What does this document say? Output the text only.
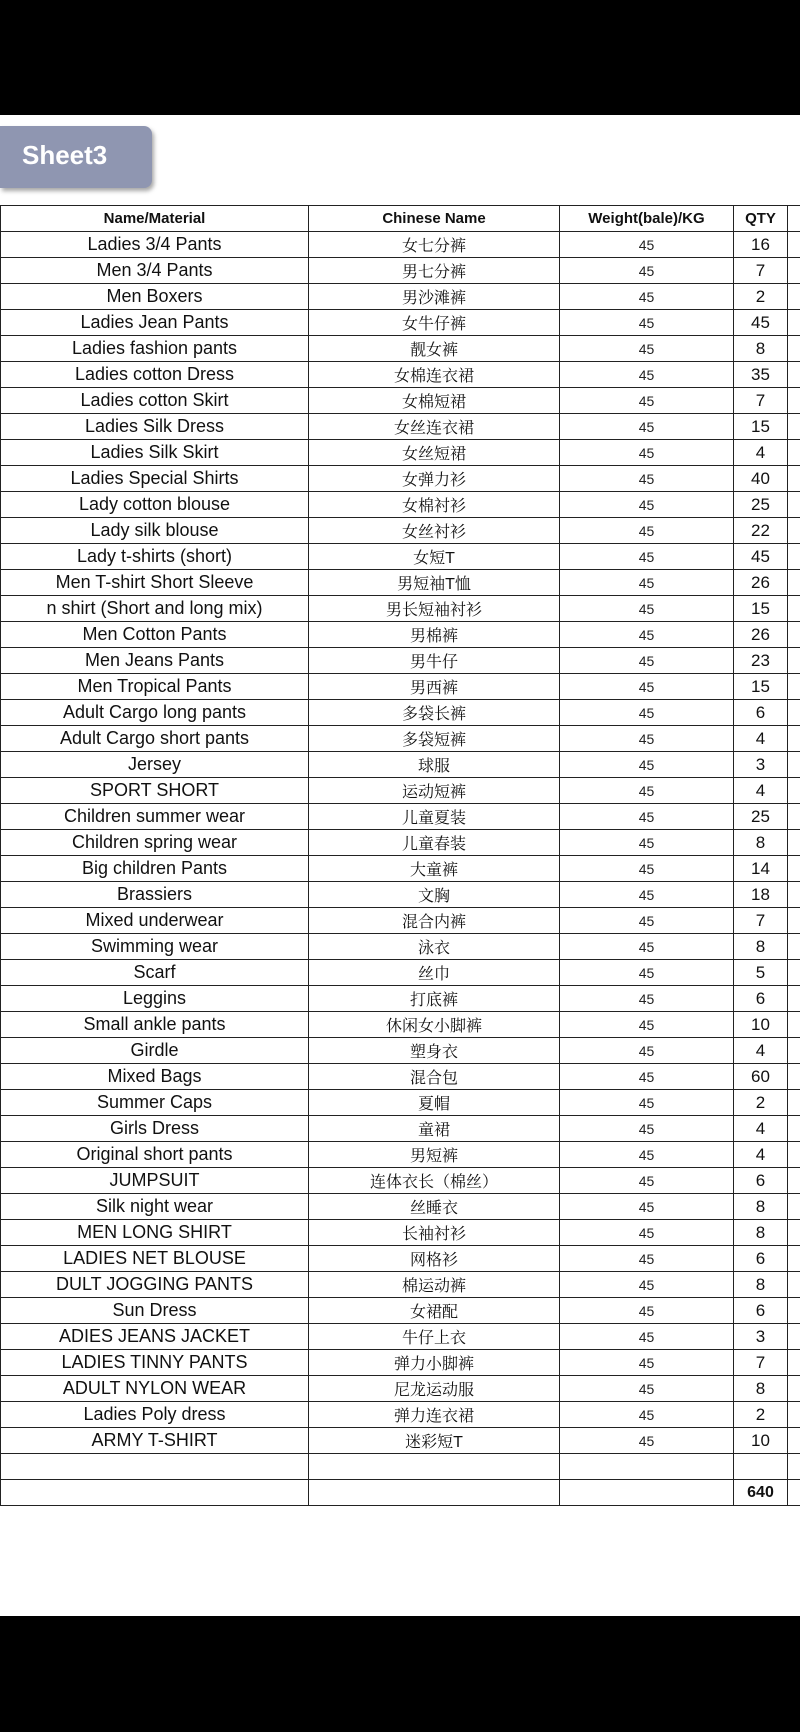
Sheet3
Name/Material	Chinese Name	Weight(bale)/KG	QTY	
Ladies 3/4 Pants	女七分裤	45	16	
Men 3/4 Pants	男七分裤	45	7	
Men Boxers	男沙滩裤	45	2	
Ladies Jean Pants	女牛仔裤	45	45	
Ladies fashion pants	靓女裤	45	8	
Ladies cotton Dress	女棉连衣裙	45	35	
Ladies cotton Skirt	女棉短裙	45	7	
Ladies Silk Dress	女丝连衣裙	45	15	
Ladies Silk Skirt	女丝短裙	45	4	
Ladies Special Shirts	女弹力衫	45	40	
Lady cotton blouse	女棉衬衫	45	25	
Lady silk blouse	女丝衬衫	45	22	
Lady t-shirts (short)	女短T	45	45	
Men T-shirt Short Sleeve	男短袖T恤	45	26	
n shirt (Short and long mix)	男长短袖衬衫	45	15	
Men Cotton Pants	男棉裤	45	26	
Men Jeans Pants	男牛仔	45	23	
Men Tropical Pants	男西裤	45	15	
Adult Cargo long pants	多袋长裤	45	6	
Adult Cargo short pants	多袋短裤	45	4	
Jersey	球服	45	3	
SPORT SHORT	运动短裤	45	4	
Children summer wear	儿童夏装	45	25	
Children spring wear	儿童春装	45	8	
Big children Pants	大童裤	45	14	
Brassiers	文胸	45	18	
Mixed underwear	混合内裤	45	7	
Swimming wear	泳衣	45	8	
Scarf	丝巾	45	5	
Leggins	打底裤	45	6	
Small ankle pants	休闲女小脚裤	45	10	
Girdle	塑身衣	45	4	
Mixed Bags	混合包	45	60	
Summer Caps	夏帽	45	2	
Girls Dress	童裙	45	4	
Original short pants	男短裤	45	4	
JUMPSUIT	连体衣长（棉丝）	45	6	
Silk night wear	丝睡衣	45	8	
MEN LONG SHIRT	长袖衬衫	45	8	
LADIES NET BLOUSE	网格衫	45	6	
DULT JOGGING PANTS	棉运动裤	45	8	
Sun Dress	女裙配	45	6	
ADIES JEANS JACKET	牛仔上衣	45	3	
LADIES TINNY PANTS	弹力小脚裤	45	7	
ADULT NYLON WEAR	尼龙运动服	45	8	
Ladies Poly dress	弹力连衣裙	45	2	
ARMY T-SHIRT	迷彩短T	45	10	

			640	
